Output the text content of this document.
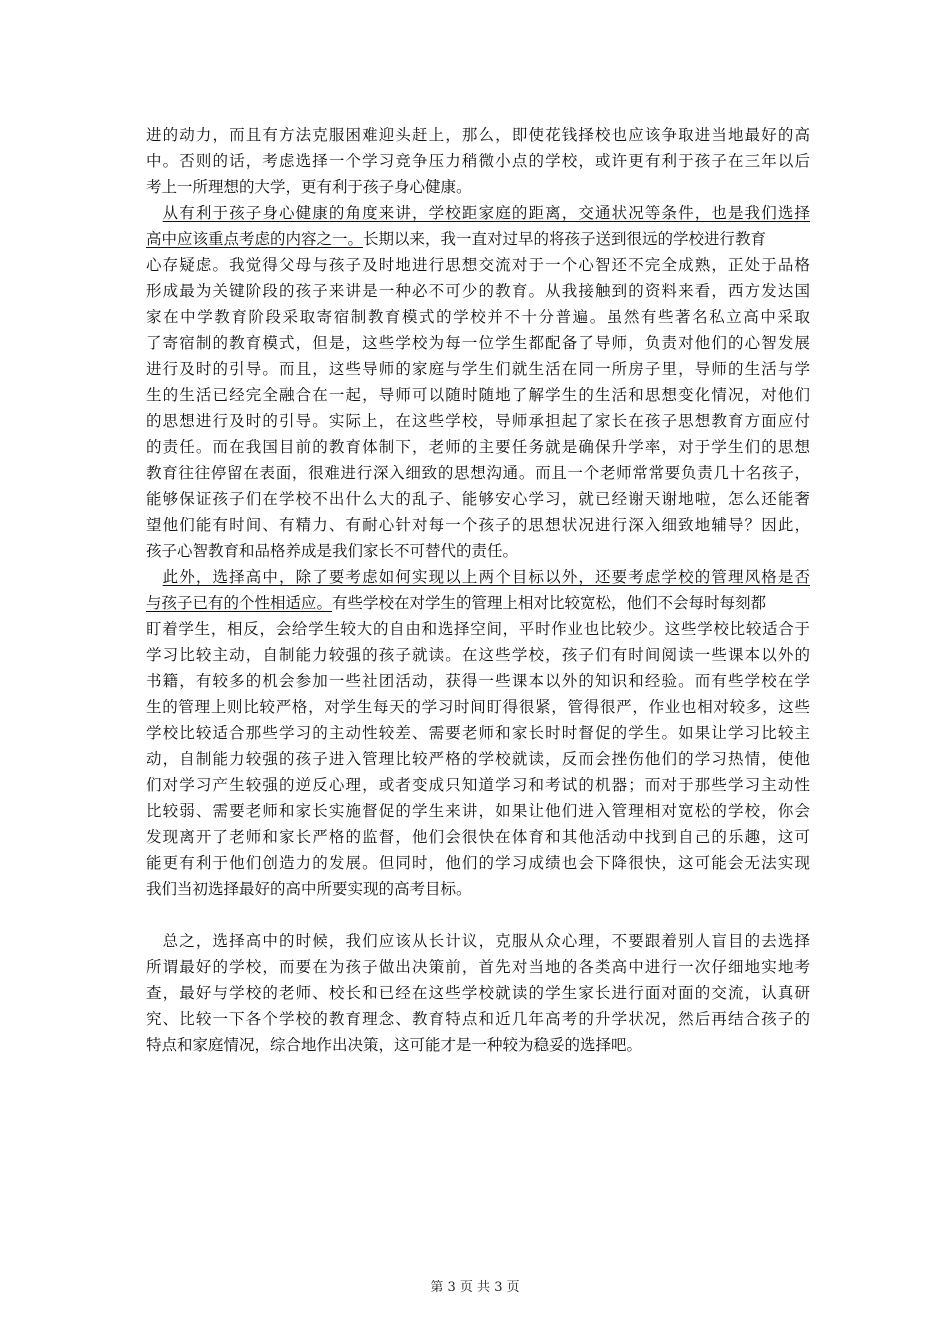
进的动力，而且有方法克服困难迎头赶上，那么，即使花钱择校也应该争取进当地最好的高
中。否则的话，考虑选择一个学习竞争压力稍微小点的学校，或许更有利于孩子在三年以后
考上一所理想的大学，更有利于孩子身心健康。
　从有利于孩子身心健康的角度来讲，学校距家庭的距离，交通状况等条件，也是我们选择
高中应该重点考虑的内容之一。长期以来，我一直对过早的将孩子送到很远的学校进行教育
心存疑虑。我觉得父母与孩子及时地进行思想交流对于一个心智还不完全成熟，正处于品格
形成最为关键阶段的孩子来讲是一种必不可少的教育。从我接触到的资料来看，西方发达国
家在中学教育阶段采取寄宿制教育模式的学校并不十分普遍。虽然有些著名私立高中采取
了寄宿制的教育模式，但是，这些学校为每一位学生都配备了导师，负责对他们的心智发展
进行及时的引导。而且，这些导师的家庭与学生们就生活在同一所房子里，导师的生活与学
生的生活已经完全融合在一起，导师可以随时随地了解学生的生活和思想变化情况，对他们
的思想进行及时的引导。实际上，在这些学校，导师承担起了家长在孩子思想教育方面应付
的责任。而在我国目前的教育体制下，老师的主要任务就是确保升学率，对于学生们的思想
教育往往停留在表面，很难进行深入细致的思想沟通。而且一个老师常常要负责几十名孩子，
能够保证孩子们在学校不出什么大的乱子、能够安心学习，就已经谢天谢地啦，怎么还能奢
望他们能有时间、有精力、有耐心针对每一个孩子的思想状况进行深入细致地辅导？因此，
孩子心智教育和品格养成是我们家长不可替代的责任。
　此外，选择高中，除了要考虑如何实现以上两个目标以外，还要考虑学校的管理风格是否
与孩子已有的个性相适应。有些学校在对学生的管理上相对比较宽松，他们不会每时每刻都
盯着学生，相反，会给学生较大的自由和选择空间，平时作业也比较少。这些学校比较适合于
学习比较主动，自制能力较强的孩子就读。在这些学校，孩子们有时间阅读一些课本以外的
书籍，有较多的机会参加一些社团活动，获得一些课本以外的知识和经验。而有些学校在学
生的管理上则比较严格，对学生每天的学习时间盯得很紧，管得很严，作业也相对较多，这些
学校比较适合那些学习的主动性较差、需要老师和家长时时督促的学生。如果让学习比较主
动，自制能力较强的孩子进入管理比较严格的学校就读，反而会挫伤他们的学习热情，使他
们对学习产生较强的逆反心理，或者变成只知道学习和考试的机器；而对于那些学习主动性
比较弱、需要老师和家长实施督促的学生来讲，如果让他们进入管理相对宽松的学校，你会
发现离开了老师和家长严格的监督，他们会很快在体育和其他活动中找到自己的乐趣，这可
能更有利于他们创造力的发展。但同时，他们的学习成绩也会下降很快，这可能会无法实现
我们当初选择最好的高中所要实现的高考目标。
　总之，选择高中的时候，我们应该从长计议，克服从众心理，不要跟着别人盲目的去选择
所谓最好的学校，而要在为孩子做出决策前，首先对当地的各类高中进行一次仔细地实地考
查，最好与学校的老师、校长和已经在这些学校就读的学生家长进行面对面的交流，认真研
究、比较一下各个学校的教育理念、教育特点和近几年高考的升学状况，然后再结合孩子的
特点和家庭情况，综合地作出决策，这可能才是一种较为稳妥的选择吧。
第 3 页 共 3 页
